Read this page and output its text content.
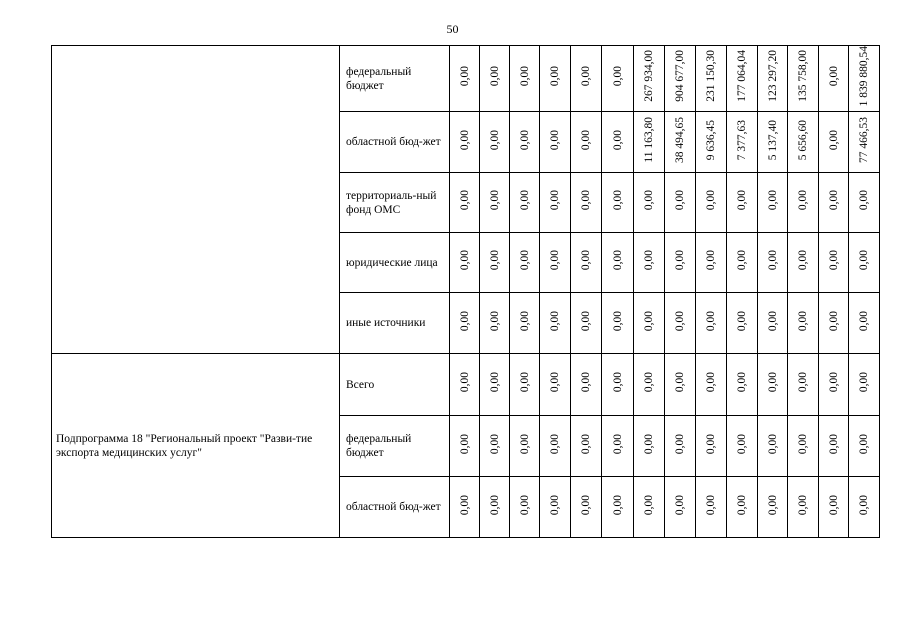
50
	федеральный бюджет	0,00	0,00	0,00	0,00	0,00	0,00	267 934,00	904 677,00	231 150,30	177 064,04	123 297,20	135 758,00	0,00	1 839 880,54
	областной бюд-жет	0,00	0,00	0,00	0,00	0,00	0,00	11 163,80	38 494,65	9 636,45	7 377,63	5 137,40	5 656,60	0,00	77 466,53
	территориаль-ный фонд ОМС	0,00	0,00	0,00	0,00	0,00	0,00	0,00	0,00	0,00	0,00	0,00	0,00	0,00	0,00
	юридические лица	0,00	0,00	0,00	0,00	0,00	0,00	0,00	0,00	0,00	0,00	0,00	0,00	0,00	0,00
	иные источники	0,00	0,00	0,00	0,00	0,00	0,00	0,00	0,00	0,00	0,00	0,00	0,00	0,00	0,00
Подпрограмма 18 "Региональный проект "Разви-тие экспорта медицинских услуг"	Всего	0,00	0,00	0,00	0,00	0,00	0,00	0,00	0,00	0,00	0,00	0,00	0,00	0,00	0,00
	федеральный бюджет	0,00	0,00	0,00	0,00	0,00	0,00	0,00	0,00	0,00	0,00	0,00	0,00	0,00	0,00
	областной бюд-жет	0,00	0,00	0,00	0,00	0,00	0,00	0,00	0,00	0,00	0,00	0,00	0,00	0,00	0,00
